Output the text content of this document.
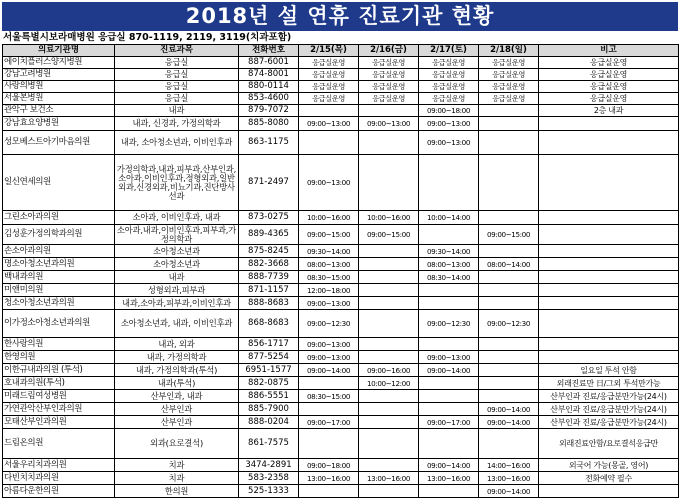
2018년 설 연휴 진료기관 현황
서울특별시보라매병원 응급실 870-1119, 2119, 3119(치과포함)
의료기관명	진료과목	전화번호	2/15(목)	2/16(금)	2/17(토)	2/18(일)	비고
에이치플러스양지병원	응급실	887-6001	응급실운영	응급실운영	응급실운영	응급실운영	응급실운영
강남고려병원	응급실	874-8001	응급실운영	응급실운영	응급실운영	응급실운영	응급실운영
사랑의병원	응급실	880-0114	응급실운영	응급실운영	응급실운영	응급실운영	응급실운영
서울본병원	응급실	853-4600	응급실운영	응급실운영	응급실운영	응급실운영	응급실운영
관악구 보건소	내과	879-7072			09:00~18:00		2층 내과
강남효요양병원	내과, 신경과, 가정의학과	885-8080	09:00~13:00	09:00~13:00	09:00~13:00		
성모베스트아기마음의원	내과, 소아청소년과, 이비인후과	863-1175			09:00~13:00		
일신연세의원	가정의학과,내과,피부과,산부인과,소아과,이비인후과,정형외과,일반외과,신경외과,비뇨기과,진단방사선과	871-2497	09:00~13:00				
그린소아과의원	소아과, 이비인후과, 내과	873-0275	10:00~16:00	10:00~16:00	10:00~14:00		
김성훈가정의학과의원	소아과,내과,이비인후과,피부과,가정의학과	889-4365	09:00~15:00	09:00~15:00		09:00~15:00	
손소아과의원	소아청소년과	875-8245	09:30~14:00		09:30~14:00		
명소아청소년과의원	소아청소년과	882-3668	08:00~13:00		08:00~13:00	08:00~14:00	
백내과의원	내과	888-7739	08:30~15:00		08:30~14:00		
미앤미의원	성형외과,피부과	871-1157	12:00~18:00				
청소아청소년과의원	내과,소아과,피부과,이비인후과	888-8683	09:00~13:00				
이가정소아청소년과의원	소아청소년과, 내과, 이비인후과	868-8683	09:00~12:30		09:00~12:30	09:00~12:30	
한사랑의원	내과, 외과	856-1717	09:00~13:00				
한영의원	내과, 가정의학과	877-5254	09:00~13:00		09:00~13:00		
이한규내과의원 (투석)	내과, 가정의학과(투석)	6951-1577	09:00~14:00	09:00~16:00	09:00~14:00		일요일 투석 안함
호내과의원(투석)	내과(투석)	882-0875		10:00~12:00			외래진료만 日/그외 투석만가능
미래드림여성병원	산부인과, 내과	886-5551	08:30~15:00				산부인과 진료/응급분만가능(24시)
가연관악산부인과의원	산부인과	885-7900				09:00~14:00	산부인과 진료/응급분만가능(24시)
모태산부인과의원	산부인과	888-0204	09:00~17:00		09:00~17:00	09:00~14:00	산부인과 진료/응급분만가능(24시)
드림온의원	외과(요로결석)	861-7575					외래진료안함/요로결석응급만
서울우리치과의원	치과	3474-2891	09:00~18:00		09:00~14:00	14:00~16:00	외국어 가능(몽골, 영어)
다빈치치과의원	치과	583-2358	13:00~16:00	13:00~16:00	13:00~16:00	13:00~16:00	전화예약 필수
아름다운한의원	한의원	525-1333				09:00~14:00	
